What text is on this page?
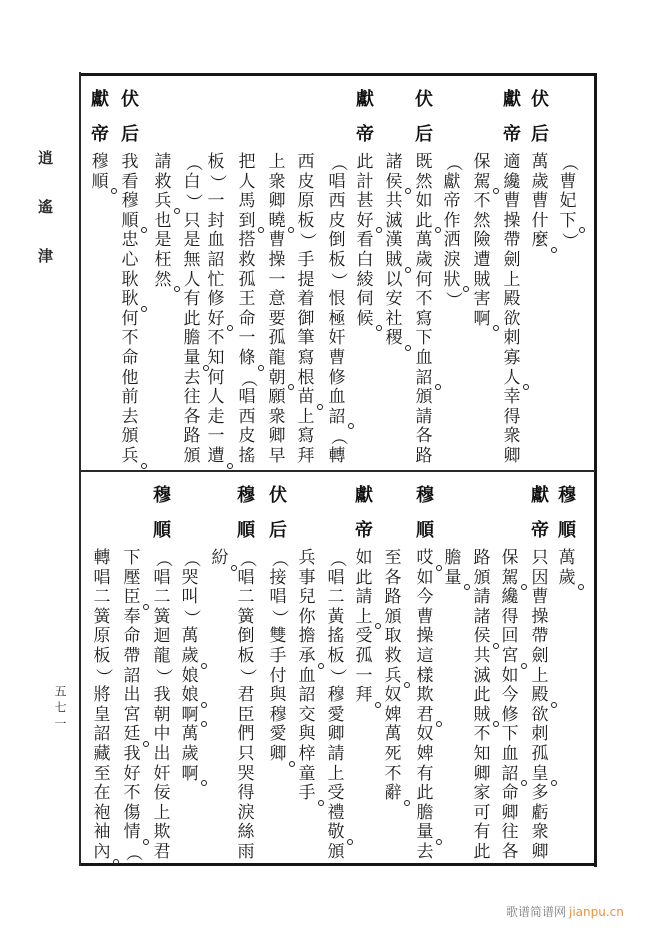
逍遙津
五七一
（
曹
妃
下
）
伏
后
萬
歲
曹
什
麼
獻
帝
適
纔
曹
操
帶
劍
上
殿
欲
刺
寡
人
幸
得
衆
卿
保
駕
不
然
險
遭
賊
害
啊
（
獻
帝
作
洒
淚
狀
）
伏
后
既
然
如
此
萬
歲
何
不
寫
下
血
詔
頒
請
各
路
諸
侯
共
滅
漢
賊
以
安
社
稷
獻
帝
此
計
甚
好
看
白
綾
伺
候
（
唱
西
皮
倒
板
）
恨
極
奸
曹
修
血
詔
（
轉
西
皮
原
板
）
手
提
着
御
筆
寫
根
苗
上
寫
拜
上
衆
卿
曉
曹
操
一
意
要
孤
龍
朝
願
衆
卿
早
把
人
馬
到
搭
救
孤
王
命
一
條
（
唱
西
皮
搖
板
）
一
封
血
詔
忙
修
好
不
知
何
人
走
一
遭
（
白
）
只
是
無
人
有
此
膽
量
去
往
各
路
頒
請
救
兵
也
是
枉
然
伏
后
我
看
穆
順
忠
心
耿
耿
何
不
命
他
前
去
頒
兵
獻
帝
穆
順
穆
順
萬
歲
獻
帝
只
因
曹
操
帶
劍
上
殿
欲
刺
孤
皇
多
虧
衆
卿
保
駕
纔
得
回
宮
如
今
修
下
血
詔
命
卿
往
各
路
頒
請
諸
侯
共
滅
此
賊
不
知
卿
家
可
有
此
膽
量
穆
順
哎
如
今
曹
操
這
樣
欺
君
奴
婢
有
此
膽
量
去
至
各
路
頒
取
救
兵
奴
婢
萬
死
不
辭
獻
帝
如
此
請
上
受
孤
一
拜
（
唱
二
黃
搖
板
）
穆
愛
卿
請
上
受
禮
敬
頒
兵
事
兒
你
擔
承
血
詔
交
與
梓
童
手
伏
后
（
接
唱
）
雙
手
付
與
穆
愛
卿
穆
順
（
唱
二
簧
倒
板
）
君
臣
們
只
哭
得
淚
絲
雨
紛
（
哭
叫
）
萬
歲
娘
娘
啊
萬
歲
啊
穆
順
（
唱
二
簧
迴
龍
）
我
朝
中
出
奸
佞
上
欺
君
下
壓
臣
奉
命
帶
詔
出
宮
廷
我
好
不
傷
情
（
轉
唱
二
簧
原
板
）
將
皇
詔
藏
至
在
袍
袖
內
歌谱简谱网 jianpu.cn
